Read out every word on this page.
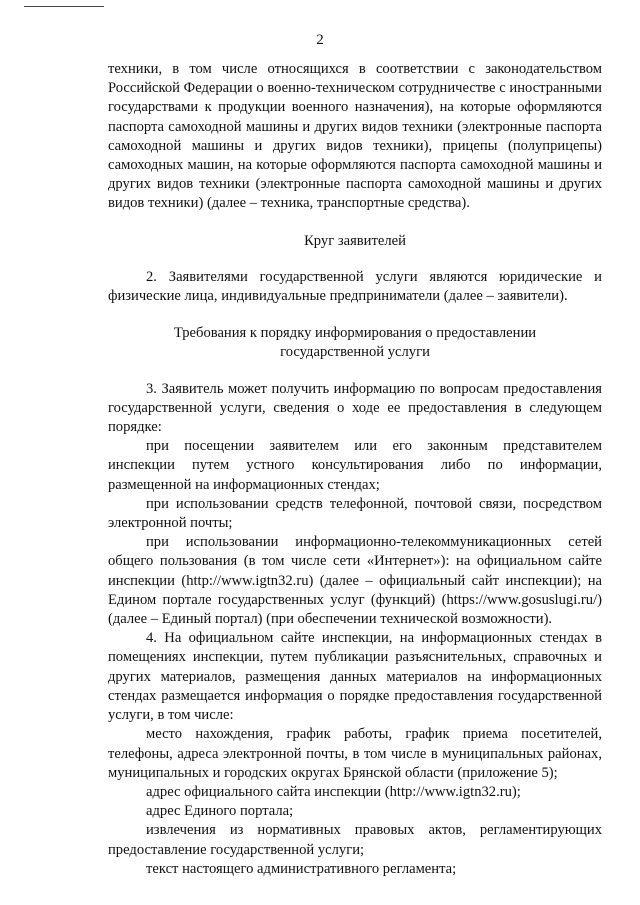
2

техники, в том числе относящихся в соответствии с законодательством Российской Федерации о военно-техническом сотрудничестве с иностранными государствами к продукции военного назначения), на которые оформляются паспорта самоходной машины и других видов техники (электронные паспорта самоходной машины и других видов техники), прицепы (полуприцепы) самоходных машин, на которые оформляются паспорта самоходной машины и других видов техники (электронные паспорта самоходной машины и других видов техники) (далее – техника, транспортные средства).

Круг заявителей

2. Заявителями государственной услуги являются юридические и физические лица, индивидуальные предприниматели (далее – заявители).

Требования к порядку информирования о предоставлении государственной услуги

3. Заявитель может получить информацию по вопросам предоставления государственной услуги, сведения о ходе ее предоставления в следующем порядке:

при посещении заявителем или его законным представителем инспекции путем устного консультирования либо по информации, размещенной на информационных стендах;

при использовании средств телефонной, почтовой связи, посредством электронной почты;

при использовании информационно-телекоммуникационных сетей общего пользования (в том числе сети «Интернет»): на официальном сайте инспекции (http://www.igtn32.ru) (далее – официальный сайт инспекции); на Едином портале государственных услуг (функций) (https://www.gosuslugi.ru/) (далее – Единый портал) (при обеспечении технической возможности).

4. На официальном сайте инспекции, на информационных стендах в помещениях инспекции, путем публикации разъяснительных, справочных и других материалов, размещения данных материалов на информационных стендах размещается информация о порядке предоставления государственной услуги, в том числе:

место нахождения, график работы, график приема посетителей, телефоны, адреса электронной почты, в том числе в муниципальных районах, муниципальных и городских округах Брянской области (приложение 5);

адрес официального сайта инспекции (http://www.igtn32.ru);

адрес Единого портала;

извлечения из нормативных правовых актов, регламентирующих предоставление государственной услуги;

текст настоящего административного регламента;
